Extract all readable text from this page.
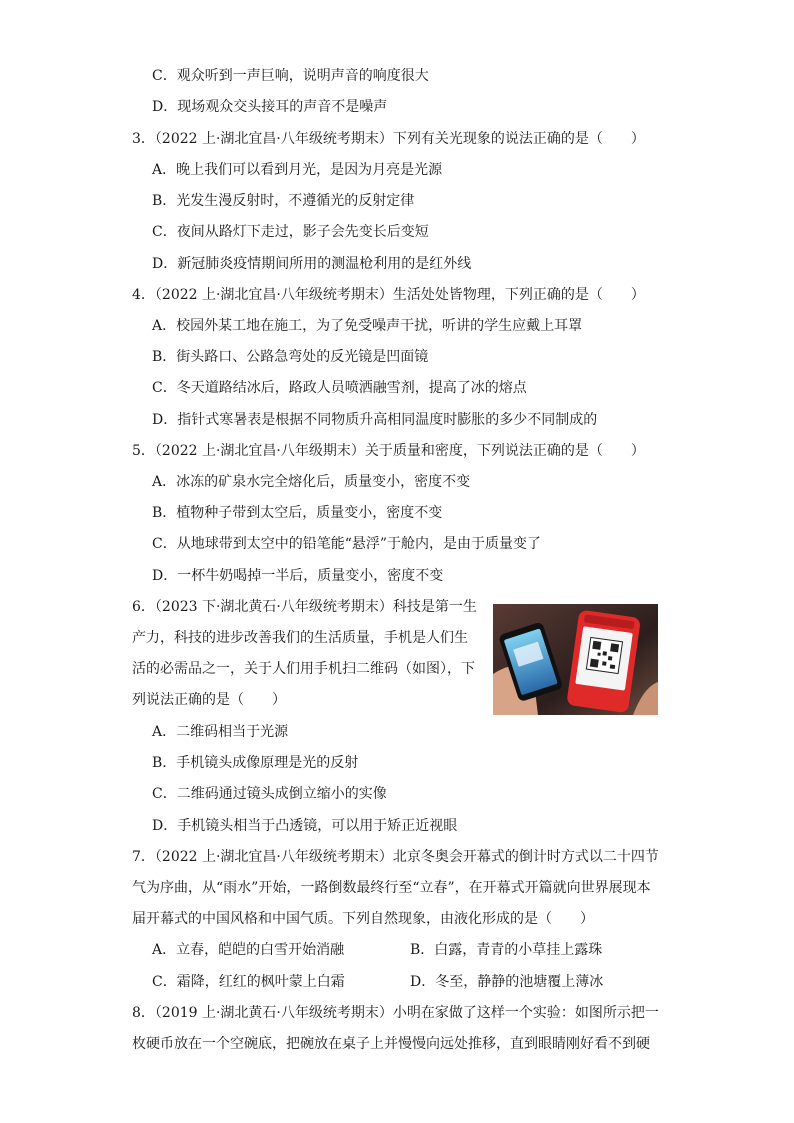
C．观众听到一声巨响，说明声音的响度很大
D．现场观众交头接耳的声音不是噪声
3．（2022 上·湖北宜昌·八年级统考期末）下列有关光现象的说法正确的是（　　）
A．晚上我们可以看到月光，是因为月亮是光源
B．光发生漫反射时，不遵循光的反射定律
C．夜间从路灯下走过，影子会先变长后变短
D．新冠肺炎疫情期间所用的测温枪利用的是红外线
4．（2022 上·湖北宜昌·八年级统考期末）生活处处皆物理，下列正确的是（　　）
A．校园外某工地在施工，为了免受噪声干扰，听讲的学生应戴上耳罩
B．街头路口、公路急弯处的反光镜是凹面镜
C．冬天道路结冰后，路政人员喷洒融雪剂，提高了冰的熔点
D．指针式寒暑表是根据不同物质升高相同温度时膨胀的多少不同制成的
5．（2022 上·湖北宜昌·八年级期末）关于质量和密度，下列说法正确的是（　　）
A．冰冻的矿泉水完全熔化后，质量变小，密度不变
B．植物种子带到太空后，质量变小，密度不变
C．从地球带到太空中的铅笔能“悬浮”于舱内，是由于质量变了
D．一杯牛奶喝掉一半后，质量变小，密度不变
6．（2023 下·湖北黄石·八年级统考期末）科技是第一生
产力，科技的进步改善我们的生活质量，手机是人们生
活的必需品之一，关于人们用手机扫二维码（如图），下
列说法正确的是（　　）
A．二维码相当于光源
B．手机镜头成像原理是光的反射
C．二维码通过镜头成倒立缩小的实像
D．手机镜头相当于凸透镜，可以用于矫正近视眼
7．（2022 上·湖北宜昌·八年级统考期末）北京冬奥会开幕式的倒计时方式以二十四节
气为序曲，从“雨水”开始，一路倒数最终行至“立春”，在开幕式开篇就向世界展现本
届开幕式的中国风格和中国气质。下列自然现象，由液化形成的是（　　）
A．立春，皑皑的白雪开始消融	B．白露，青青的小草挂上露珠
C．霜降，红红的枫叶蒙上白霜	D．冬至，静静的池塘覆上薄冰
8．（2019 上·湖北黄石·八年级统考期末）小明在家做了这样一个实验：如图所示把一
枚硬币放在一个空碗底，把碗放在桌子上并慢慢向远处推移，直到眼睛刚好看不到硬
